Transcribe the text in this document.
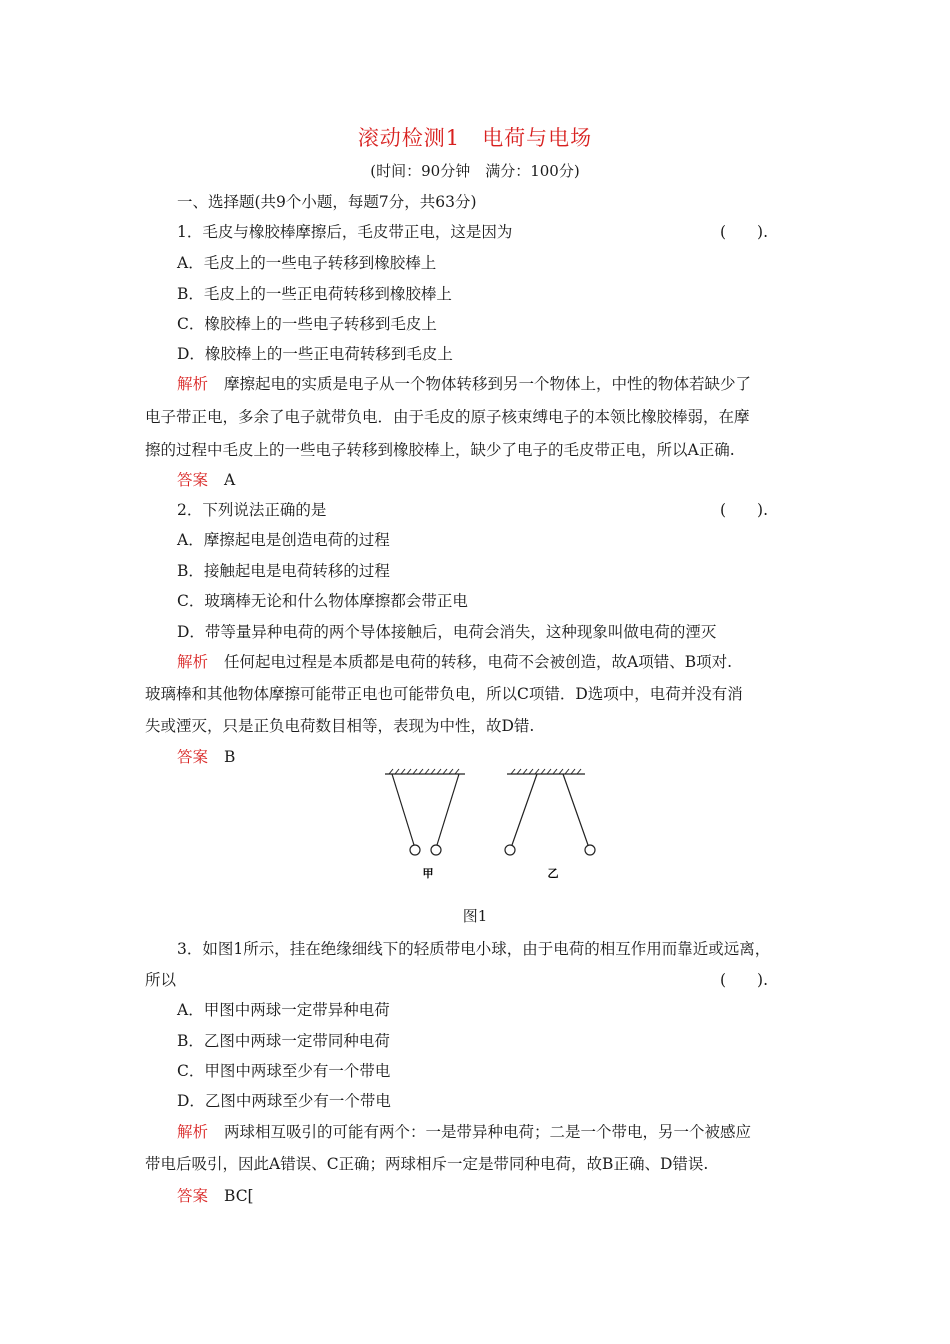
滚动检测1 电荷与电场
(时间：90分钟　满分：100分)
一、选择题(共9个小题，每题7分，共63分)
1．毛皮与橡胶棒摩擦后，毛皮带正电，这是因为	(　　).
A．毛皮上的一些电子转移到橡胶棒上
B．毛皮上的一些正电荷转移到橡胶棒上
C．橡胶棒上的一些电子转移到毛皮上
D．橡胶棒上的一些正电荷转移到毛皮上
解析 摩擦起电的实质是电子从一个物体转移到另一个物体上，中性的物体若缺少了
电子带正电，多余了电子就带负电．由于毛皮的原子核束缚电子的本领比橡胶棒弱，在摩
擦的过程中毛皮上的一些电子转移到橡胶棒上，缺少了电子的毛皮带正电，所以A正确.
答案 A
2．下列说法正确的是	(　　).
A．摩擦起电是创造电荷的过程
B．接触起电是电荷转移的过程
C．玻璃棒无论和什么物体摩擦都会带正电
D．带等量异种电荷的两个导体接触后，电荷会消失，这种现象叫做电荷的湮灭
解析 任何起电过程是本质都是电荷的转移，电荷不会被创造，故A项错、B项对.
玻璃棒和其他物体摩擦可能带正电也可能带负电，所以C项错．D选项中，电荷并没有消
失或湮灭，只是正负电荷数目相等，表现为中性，故D错.
答案 B
甲	乙
图1
3．如图1所示，挂在绝缘细线下的轻质带电小球，由于电荷的相互作用而靠近或远离，
所以	(　　).
A．甲图中两球一定带异种电荷
B．乙图中两球一定带同种电荷
C．甲图中两球至少有一个带电
D．乙图中两球至少有一个带电
解析 两球相互吸引的可能有两个：一是带异种电荷；二是一个带电，另一个被感应
带电后吸引，因此A错误、C正确；两球相斥一定是带同种电荷，故B正确、D错误.
答案 BC[
